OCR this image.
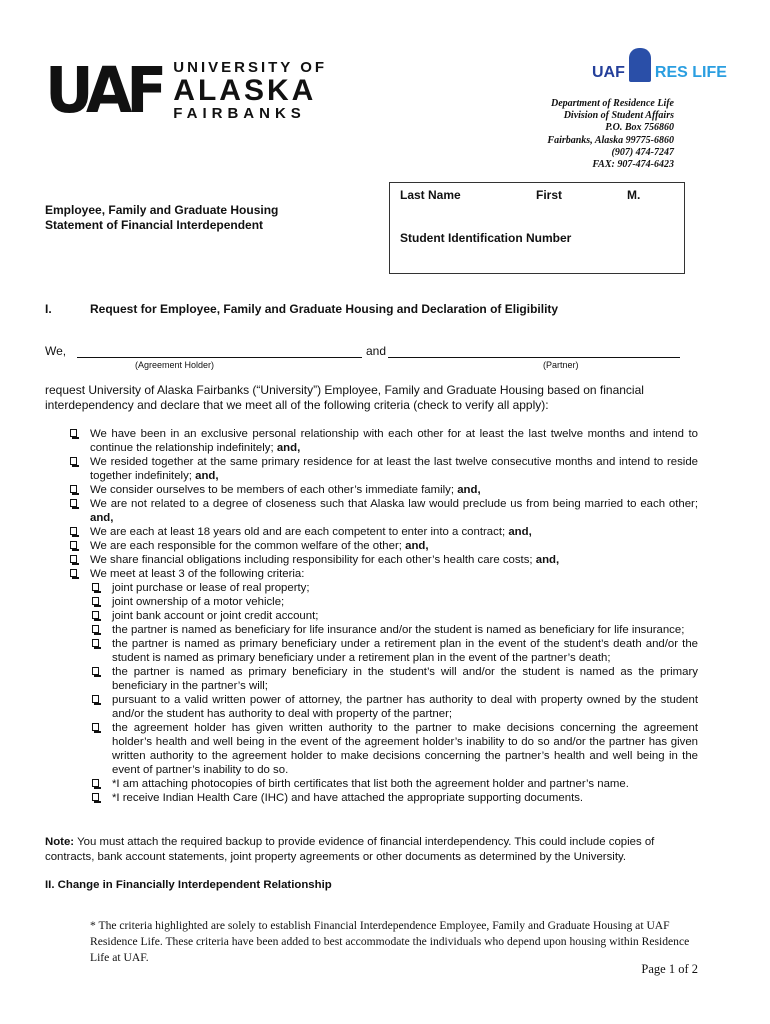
UAF UNIVERSITY OF
ALASKA
FAIRBANKS
UAF RES LIFE
Department of Residence Life
Division of Student Affairs
P.O. Box 756860
Fairbanks, Alaska 99775-6860
(907) 474-7247
FAX: 907-474-6423
Last Name	First	M.
Student Identification Number
Employee, Family and Graduate Housing
Statement of Financial Interdependent
I.	Request for Employee, Family and Graduate Housing and Declaration of Eligibility
We,	and
(Agreement Holder)	(Partner)
request University of Alaska Fairbanks (“University”) Employee, Family and Graduate Housing based on financial interdependency and declare that we meet all of the following criteria (check to verify all apply):
We have been in an exclusive personal relationship with each other for at least the last twelve months and intend to continue the relationship indefinitely; and,
We resided together at the same primary residence for at least the last twelve consecutive months and intend to reside together indefinitely; and,
We consider ourselves to be members of each other’s immediate family; and,
We are not related to a degree of closeness such that Alaska law would preclude us from being married to each other; and,
We are each at least 18 years old and are each competent to enter into a contract; and,
We are each responsible for the common welfare of the other; and,
We share financial obligations including responsibility for each other’s health care costs; and,
We meet at least 3 of the following criteria:
joint purchase or lease of real property;
joint ownership of a motor vehicle;
joint bank account or joint credit account;
the partner is named as beneficiary for life insurance and/or the student is named as beneficiary for life insurance;
the partner is named as primary beneficiary under a retirement plan in the event of the student’s death and/or the student is named as primary beneficiary under a retirement plan in the event of the partner’s death;
the partner is named as primary beneficiary in the student’s will and/or the student is named as the primary beneficiary in the partner’s will;
pursuant to a valid written power of attorney, the partner has authority to deal with property owned by the student and/or the student has authority to deal with property of the partner;
the agreement holder has given written authority to the partner to make decisions concerning the agreement holder’s health and well being in the event of the agreement holder’s inability to do so and/or the partner has given written authority to the agreement holder to make decisions concerning the partner’s health and well being in the event of partner’s inability to do so.
*I am attaching photocopies of birth certificates that list both the agreement holder and partner’s name.
*I receive Indian Health Care (IHC) and have attached the appropriate supporting documents.
Note: You must attach the required backup to provide evidence of financial interdependency. This could include copies of contracts, bank account statements, joint property agreements or other documents as determined by the University.
II. Change in Financially Interdependent Relationship
* The criteria highlighted are solely to establish Financial Interdependence Employee, Family and Graduate Housing at UAF Residence Life. These criteria have been added to best accommodate the individuals who depend upon housing within Residence Life at UAF.
Page 1 of 2
